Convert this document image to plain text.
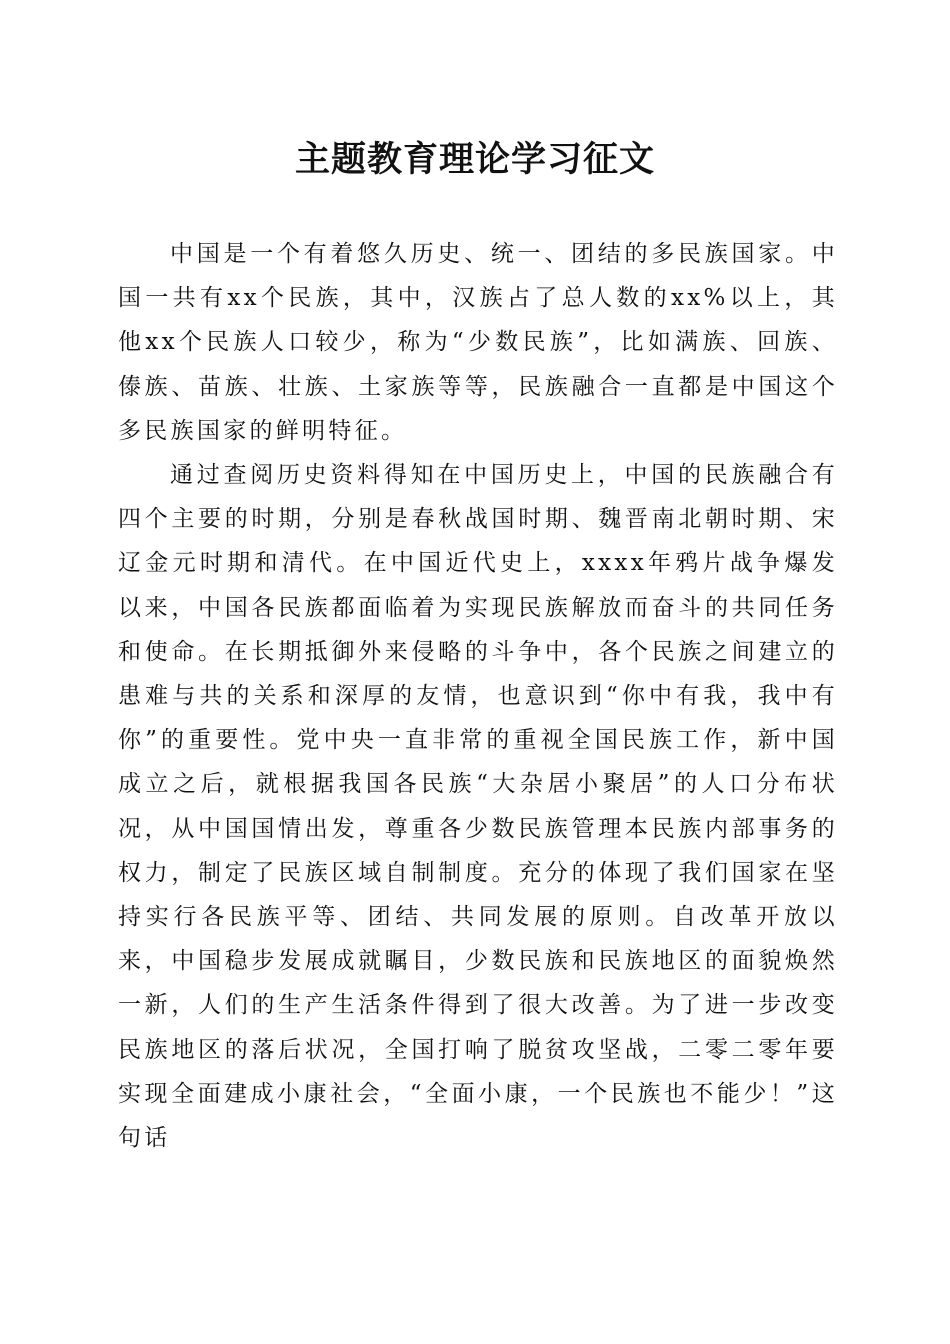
主题教育理论学习征文

中国是一个有着悠久历史、统一、团结的多民族国家。中国一共有xx个民族，其中，汉族占了总人数的xx%以上，其他xx个民族人口较少，称为“少数民族”，比如满族、回族、傣族、苗族、壮族、土家族等等，民族融合一直都是中国这个多民族国家的鲜明特征。

通过查阅历史资料得知在中国历史上，中国的民族融合有四个主要的时期，分别是春秋战国时期、魏晋南北朝时期、宋辽金元时期和清代。在中国近代史上，xxxx年鸦片战争爆发以来，中国各民族都面临着为实现民族解放而奋斗的共同任务和使命。在长期抵御外来侵略的斗争中，各个民族之间建立的患难与共的关系和深厚的友情，也意识到“你中有我，我中有你”的重要性。党中央一直非常的重视全国民族工作，新中国成立之后，就根据我国各民族“大杂居小聚居”的人口分布状况，从中国国情出发，尊重各少数民族管理本民族内部事务的权力，制定了民族区域自制制度。充分的体现了我们国家在坚持实行各民族平等、团结、共同发展的原则。自改革开放以来，中国稳步发展成就瞩目，少数民族和民族地区的面貌焕然一新，人们的生产生活条件得到了很大改善。为了进一步改变民族地区的落后状况，全国打响了脱贫攻坚战，二零二零年要实现全面建成小康社会，“全面小康，一个民族也不能少！”这句话
